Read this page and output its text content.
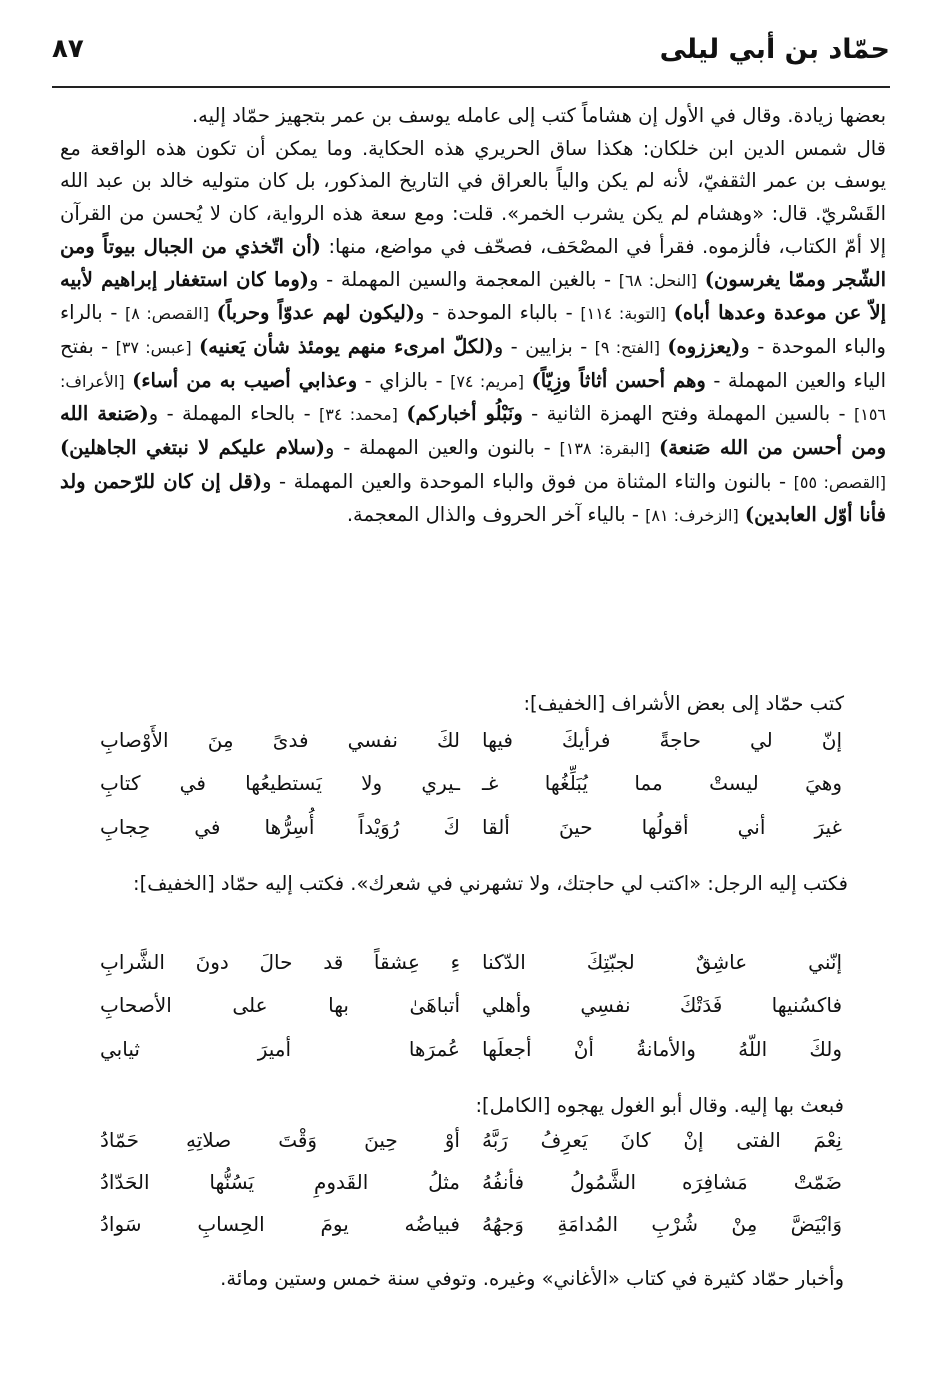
حمّاد بن أبي ليلى
٨٧
بعضها زيادة. وقال في الأول إن هشاماً كتب إلى عامله يوسف بن عمر بتجهيز حمّاد إليه.
قال شمس الدين ابن خلكان: هكذا ساق الحريري هذه الحكاية. وما يمكن أن تكون هذه الواقعة مع يوسف بن عمر الثقفيّ، لأنه لم يكن والياً بالعراق في التاريخ المذكور، بل كان متوليه خالد بن عبد الله القَسْريّ. قال: «وهشام لم يكن يشرب الخمر». قلت: ومع سعة هذه الرواية، كان لا يُحسن من القرآن إلا أمّ الكتاب، فألزموه. فقرأ في المصْحَف، فصحّف في مواضع، منها: (أن اتّخذي من الجبال بيوتاً ومن الشّجر وممّا يغرسون) [النحل: ٦٨] - بالغين المعجمة والسين المهملة - و(وما كان استغفار إبراهيم لأبيه إلاّ عن موعدة وعدها أباه) [التوبة: ١١٤] - بالباء الموحدة - و(ليكون لهم عدوّاً وحرباً) [القصص: ٨] - بالراء والباء الموحدة - و(يعززوه) [الفتح: ٩] - بزايين - و(لكلّ امرىء منهم يومئذ شأن يَعنيه) [عبس: ٣٧] - بفتح الياء والعين المهملة - وهم أحسن أثاثاً وزِيّاً) [مريم: ٧٤] - بالزاي - وعذابي أصيب به من أساء) [الأعراف: ١٥٦] - بالسين المهملة وفتح الهمزة الثانية - ونَبْلُو أخباركم) [محمد: ٣٤] - بالحاء المهملة - و(صَنعة الله ومن أحسن من الله صَنعة) [البقرة: ١٣٨] - بالنون والعين المهملة - و(سلام عليكم لا نبتغي الجاهلين) [القصص: ٥٥] - بالنون والتاء المثناة من فوق والباء الموحدة والعين المهملة - و(قل إن كان للرّحمن ولد فأنا أوّل العابدين) [الزخرف: ٨١] - بالياء آخر الحروف والذال المعجمة.
كتب حمّاد إلى بعض الأشراف [الخفيف]:
إنّ لي حاجةً فرأيكَ فيها
لكَ نفسي فدىً مِنَ الأَوْصابِ
وهيَ ليستْ مما يُبَلِّغُها غـ
ـيري ولا يَستطيعُها في كتابِ
غيرَ أني أقولُها حينَ ألقا
كَ رُوَيْداً أُسِرُّها في حِجابِ
فكتب إليه الرجل: «اكتب لي حاجتك، ولا تشهرني في شعرك». فكتب إليه حمّاد [الخفيف]:
إنّني عاشِقٌ لجبّتِكَ الدّكنا
ءِ عِشقاً قد حالَ دونَ الشَّرابِ
فاكسُنيها فَدَتْكَ نفسِي وأهلي
أتباهَىٰ بها على الأصحابِ
ولكَ اللّهُ والأمانةُ أنْ أجعلَها
عُمرَها أميرَ ثيابي
فبعث بها إليه. وقال أبو الغول يهجوه [الكامل]:
نِعْمَ الفتى إنْ كانَ يَعرِفُ رَبَّهُ
أوْ حِينَ وَقْتَ صلاتِهِ حَمّادُ
ضَمّتْ مَشافِرَه الشَّمُولُ فأنفُهُ
مثلُ القَدومِ يَسُنُّها الحَدّادُ
وَابْيَضَّ مِنْ شُرْبِ المُدامَةِ وَجهُهُ
فبياضُه يومَ الحِسابِ سَوادُ
وأخبار حمّاد كثيرة في كتاب «الأغاني» وغيره. وتوفي سنة خمس وستين ومائة.
